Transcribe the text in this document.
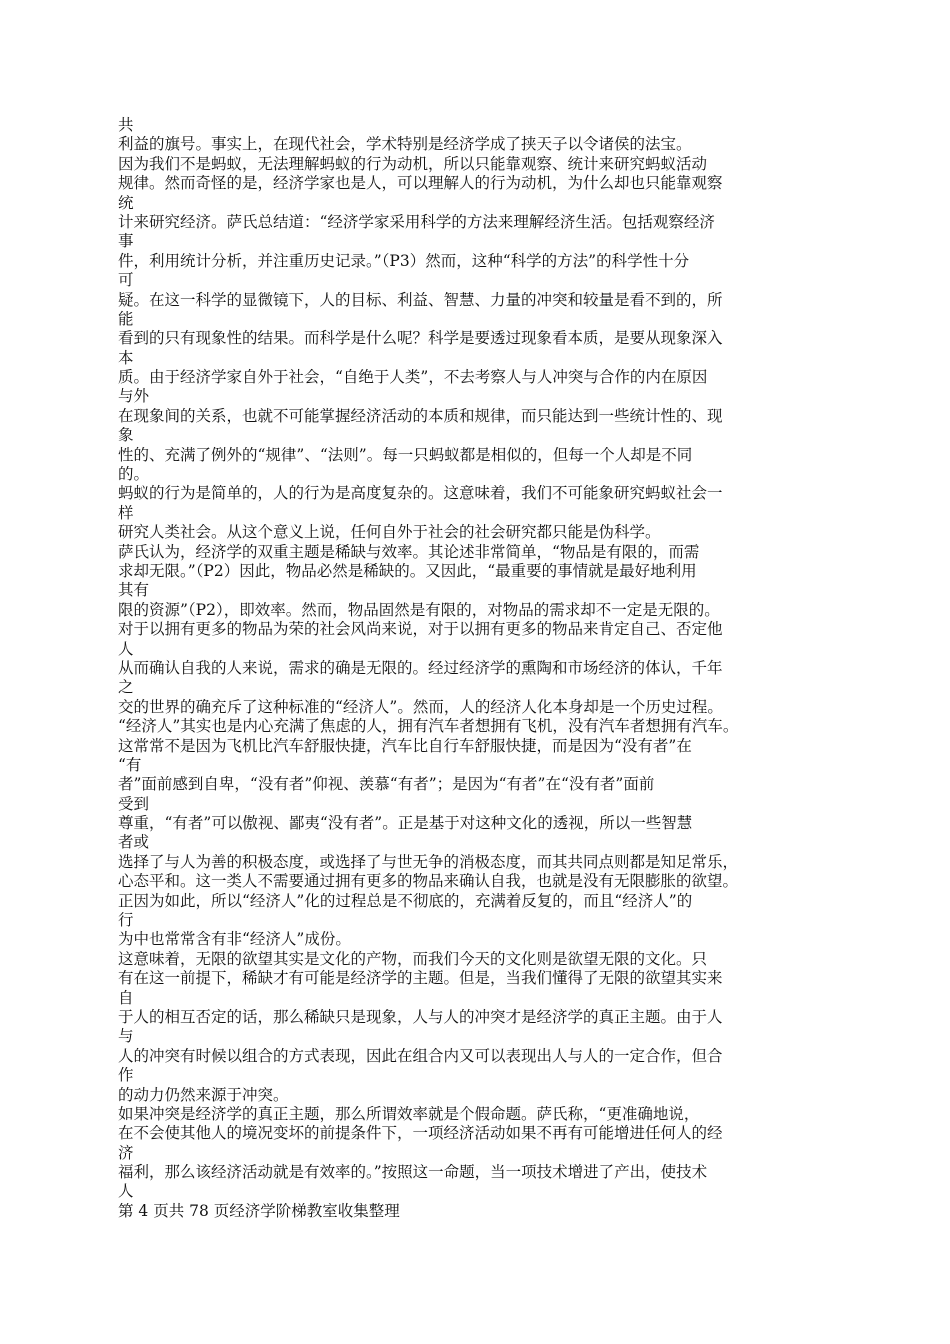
共
利益的旗号。事实上，在现代社会，学术特别是经济学成了挟天子以令诸侯的法宝。
因为我们不是蚂蚁，无法理解蚂蚁的行为动机，所以只能靠观察、统计来研究蚂蚁活动
规律。然而奇怪的是，经济学家也是人，可以理解人的行为动机，为什么却也只能靠观察
统
计来研究经济。萨氏总结道：“经济学家采用科学的方法来理解经济生活。包括观察经济
事
件，利用统计分析，并注重历史记录。”（P3）然而，这种“科学的方法”的科学性十分
可
疑。在这一科学的显微镜下，人的目标、利益、智慧、力量的冲突和较量是看不到的，所
能
看到的只有现象性的结果。而科学是什么呢？科学是要透过现象看本质，是要从现象深入
本
质。由于经济学家自外于社会，“自绝于人类”，不去考察人与人冲突与合作的内在原因
与外
在现象间的关系，也就不可能掌握经济活动的本质和规律，而只能达到一些统计性的、现
象
性的、充满了例外的“规律”、“法则”。每一只蚂蚁都是相似的，但每一个人却是不同
的。
蚂蚁的行为是简单的，人的行为是高度复杂的。这意味着，我们不可能象研究蚂蚁社会一
样
研究人类社会。从这个意义上说，任何自外于社会的社会研究都只能是伪科学。
萨氏认为，经济学的双重主题是稀缺与效率。其论述非常简单，“物品是有限的，而需
求却无限。”（P2）因此，物品必然是稀缺的。又因此，“最重要的事情就是最好地利用
其有
限的资源”（P2），即效率。然而，物品固然是有限的，对物品的需求却不一定是无限的。
对于以拥有更多的物品为荣的社会风尚来说，对于以拥有更多的物品来肯定自己、否定他
人
从而确认自我的人来说，需求的确是无限的。经过经济学的熏陶和市场经济的体认，千年
之
交的世界的确充斥了这种标准的“经济人”。然而，人的经济人化本身却是一个历史过程。
“经济人”其实也是内心充满了焦虑的人，拥有汽车者想拥有飞机，没有汽车者想拥有汽车。
这常常不是因为飞机比汽车舒服快捷，汽车比自行车舒服快捷，而是因为“没有者”在
“有
者”面前感到自卑，“没有者”仰视、羡慕“有者”；是因为“有者”在“没有者”面前
受到
尊重，“有者”可以傲视、鄙夷“没有者”。正是基于对这种文化的透视，所以一些智慧
者或
选择了与人为善的积极态度，或选择了与世无争的消极态度，而其共同点则都是知足常乐，
心态平和。这一类人不需要通过拥有更多的物品来确认自我，也就是没有无限膨胀的欲望。
正因为如此，所以“经济人”化的过程总是不彻底的，充满着反复的，而且“经济人”的
行
为中也常常含有非“经济人”成份。
这意味着，无限的欲望其实是文化的产物，而我们今天的文化则是欲望无限的文化。只
有在这一前提下，稀缺才有可能是经济学的主题。但是，当我们懂得了无限的欲望其实来
自
于人的相互否定的话，那么稀缺只是现象，人与人的冲突才是经济学的真正主题。由于人
与
人的冲突有时候以组合的方式表现，因此在组合内又可以表现出人与人的一定合作，但合
作
的动力仍然来源于冲突。
如果冲突是经济学的真正主题，那么所谓效率就是个假命题。萨氏称，“更准确地说，
在不会使其他人的境况变坏的前提条件下，一项经济活动如果不再有可能增进任何人的经
济
福利，那么该经济活动就是有效率的。”按照这一命题，当一项技术增进了产出，使技术
人
第 4 页共 78 页经济学阶梯教室收集整理
